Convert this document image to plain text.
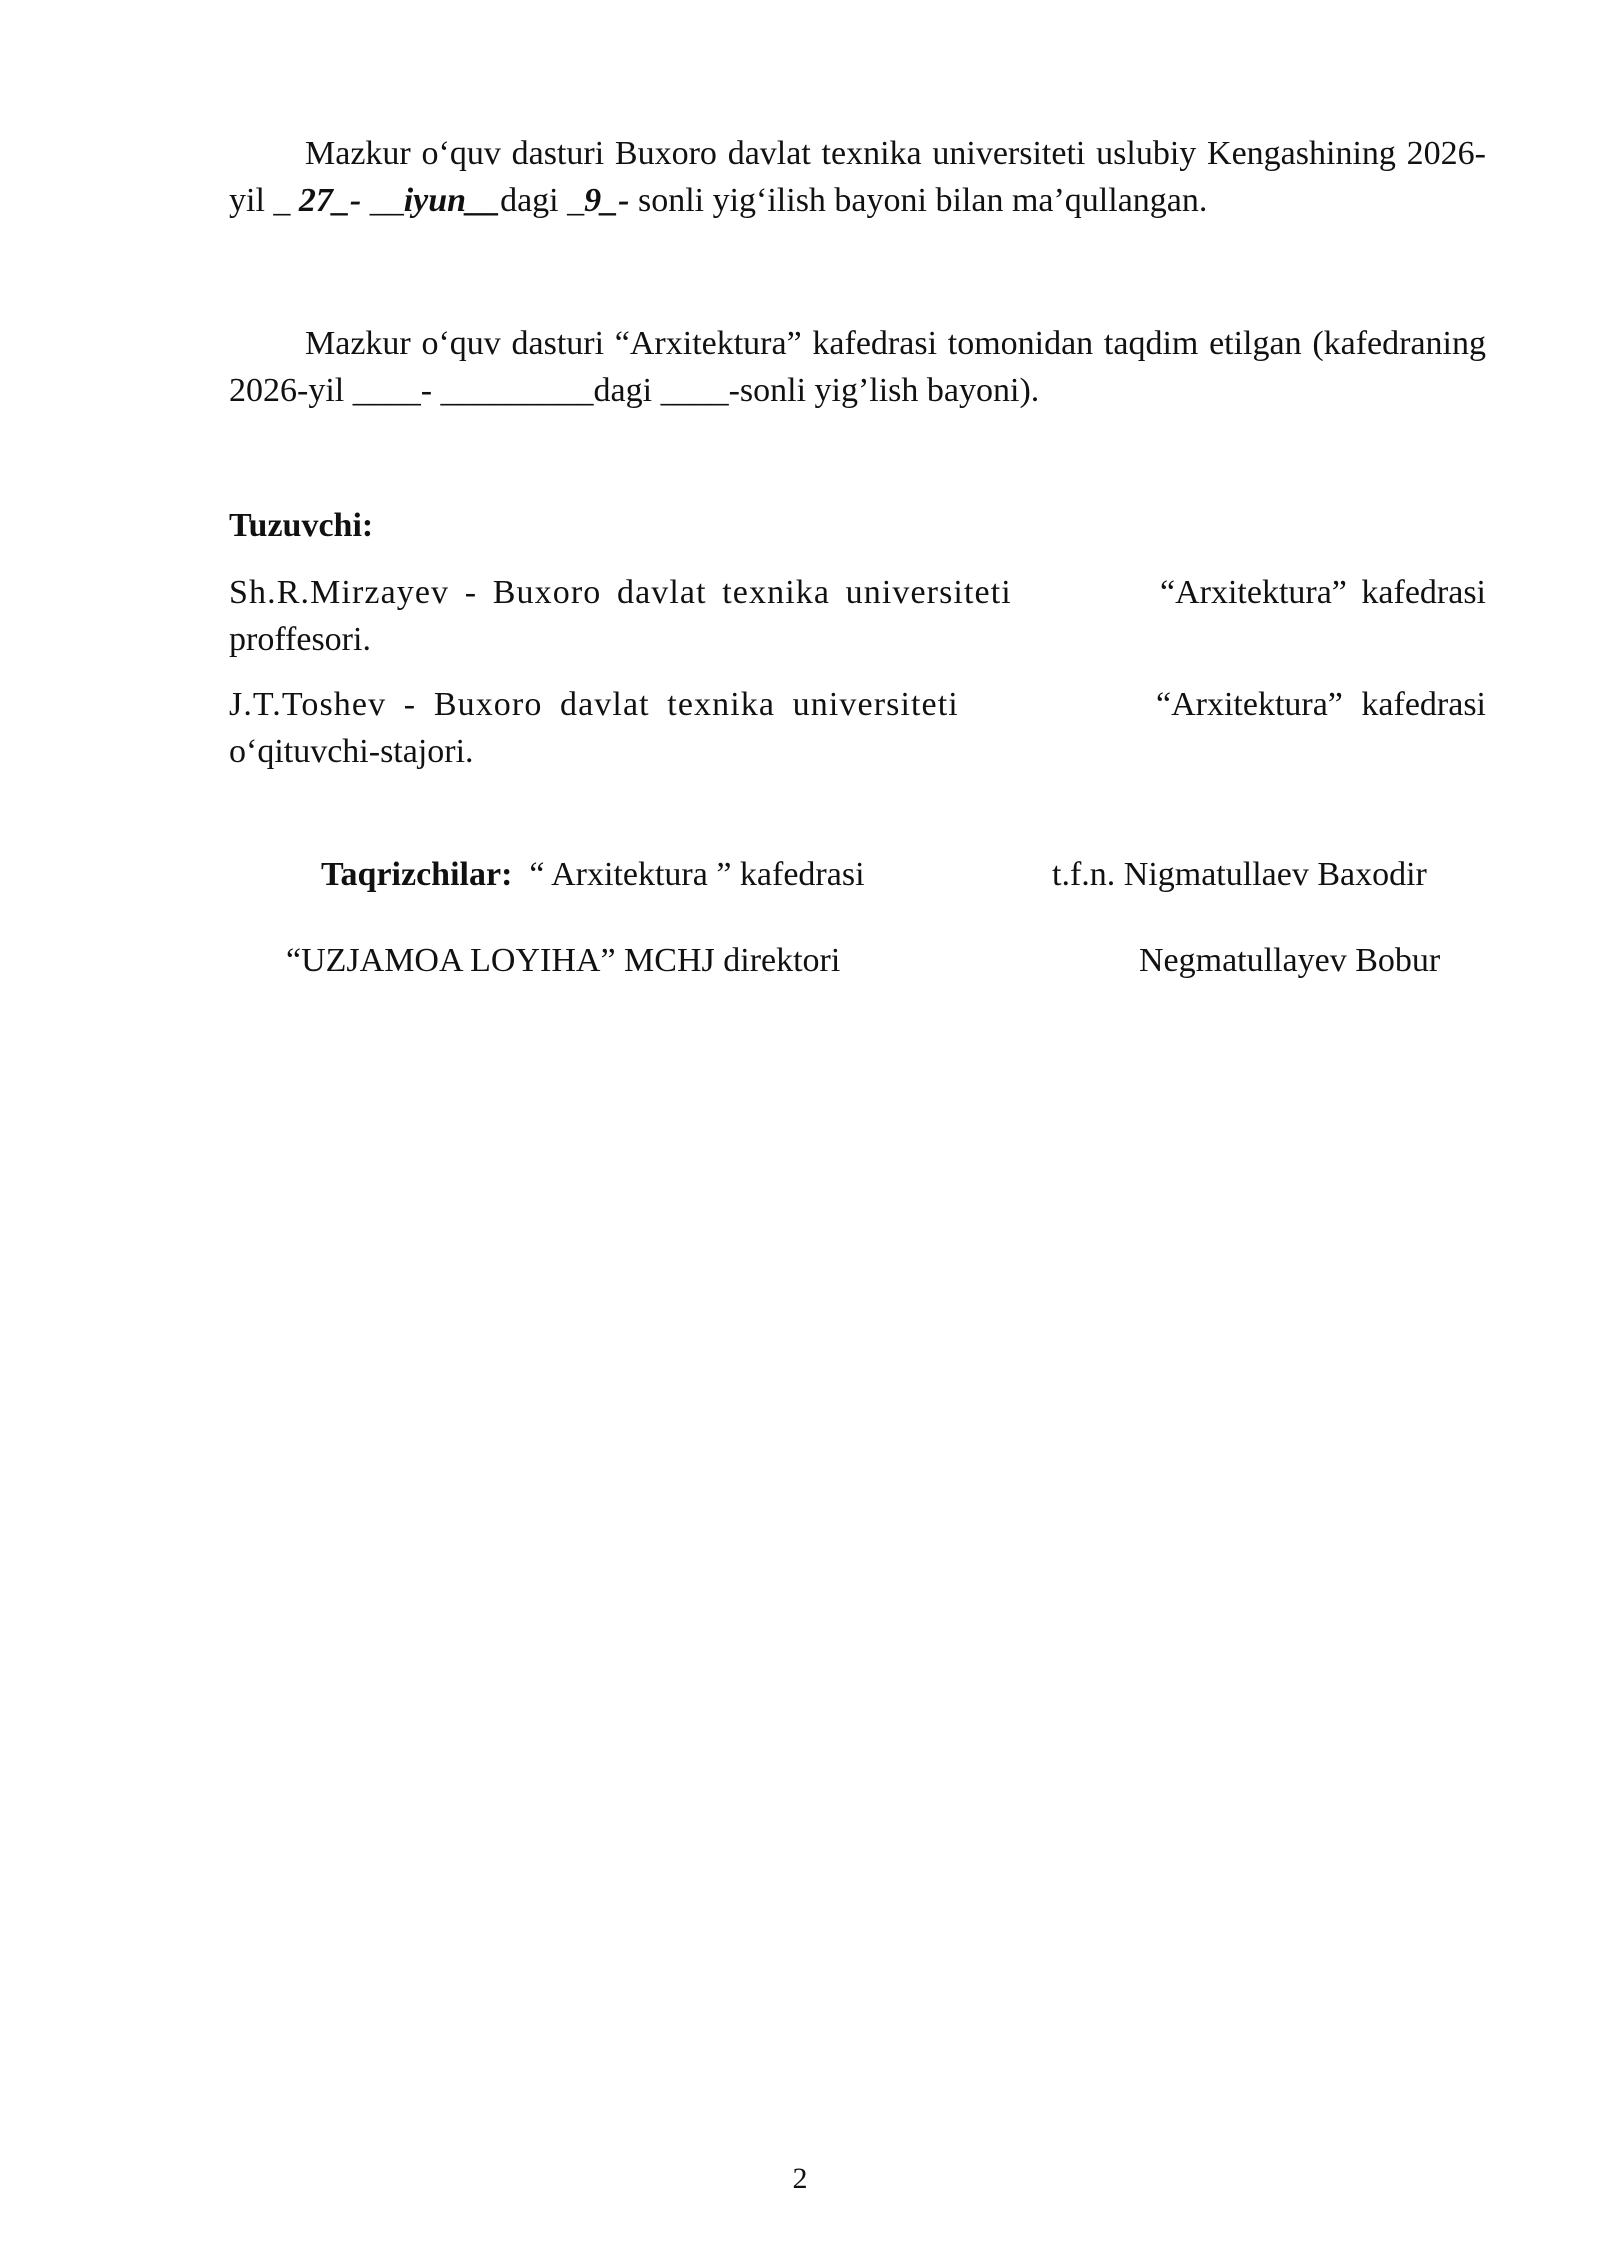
Mazkur o‘quv dasturi Buxoro davlat texnika universiteti uslubiy Kengashining 2026-yil _ 27_- __iyun__dagi _9_- sonli yig‘ilish bayoni bilan ma’qullangan.

Mazkur o‘quv dasturi “Arxitektura” kafedrasi tomonidan taqdim etilgan (kafedraning 2026-yil ____- _________dagi ____-sonli yig’lish bayoni).

Tuzuvchi:

Sh.R.Mirzayev - Buxoro davlat texnika universiteti	“Arxitektura” kafedrasi
proffesori.
J.T.Toshev - Buxoro davlat texnika universiteti	“Arxitektura” kafedrasi
o‘qituvchi-stajori.
Taqrizchilar: “ Arxitektura ” kafedrasi	t.f.n. Nigmatullaev Baxodir
“UZJAMOA LOYIHA” MCHJ direktori	Negmatullayev Bobur
2
